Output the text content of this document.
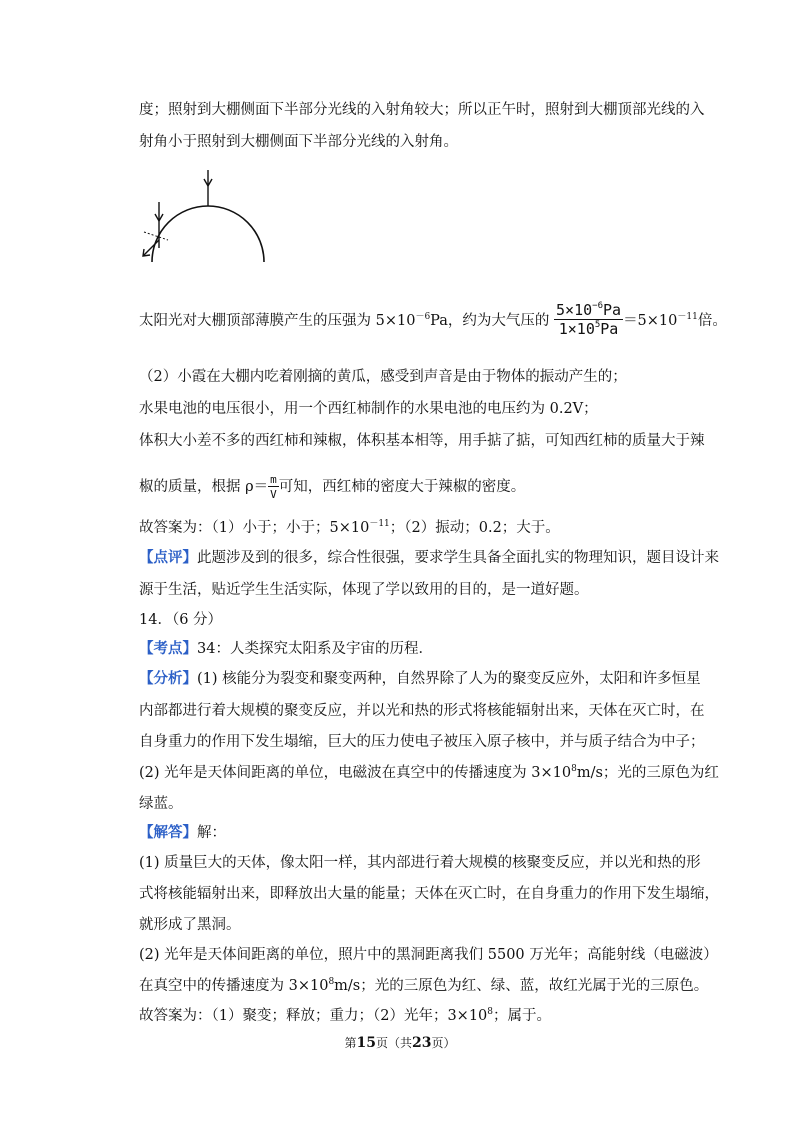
度；照射到大棚侧面下半部分光线的入射角较大；所以正午时，照射到大棚顶部光线的入
射角小于照射到大棚侧面下半部分光线的入射角。
太阳光对大棚顶部薄膜产生的压强为 $5\times 10^{-6}Pa$，约为大气压的 $\frac{5\times 10^{-6}Pa}{1\times 10^5Pa} =5\times 10^{-11}$倍。
（2）小霞在大棚内吃着刚摘的黄瓜，感受到声音是由于物体的振动产生的；
水果电池的电压很小，用一个西红柿制作的水果电池的电压约为 0.2V；
体积大小差不多的西红柿和辣椒，体积基本相等，用手掂了掂，可知西红柿的质量大于辣
椒的质量，根据 $\rho= \frac{m}{V}$ 可知，西红柿的密度大于辣椒的密度。
故答案为：（1）小于；小于；$5\times 10^{-11}$；（2）振动；0.2；大于。
【点评】此题涉及到的很多，综合性很强，要求学生具备全面扎实的物理知识，题目设计来
源于生活，贴近学生生活实际，体现了学以致用的目的，是一道好题。
14．（6 分）
【考点】34：人类探究太阳系及宇宙的历程．
【分析】(1) 核能分为裂变和聚变两种，自然界除了人为的聚变反应外，太阳和许多恒星
内部都进行着大规模的聚变反应，并以光和热的形式将核能辐射出来，天体在灭亡时，在
自身重力的作用下发生塌缩，巨大的压力使电子被压入原子核中，并与质子结合为中子；
(2) 光年是天体间距离的单位，电磁波在真空中的传播速度为 $3\times 10^8m/s$；光的三原色为红
绿蓝。
【解答】解：
(1) 质量巨大的天体，像太阳一样，其内部进行着大规模的核聚变反应，并以光和热的形
式将核能辐射出来，即释放出大量的能量；天体在灭亡时，在自身重力的作用下发生塌缩，
就形成了黑洞。
(2) 光年是天体间距离的单位，照片中的黑洞距离我们 5500 万光年；高能射线（电磁波）
在真空中的传播速度为 $3\times 10^8m/s$；光的三原色为红、绿、蓝，故红光属于光的三原色。
故答案为：（1）聚变；释放；重力；（2）光年；$3\times 10^8$；属于。
第15页（共23页）
